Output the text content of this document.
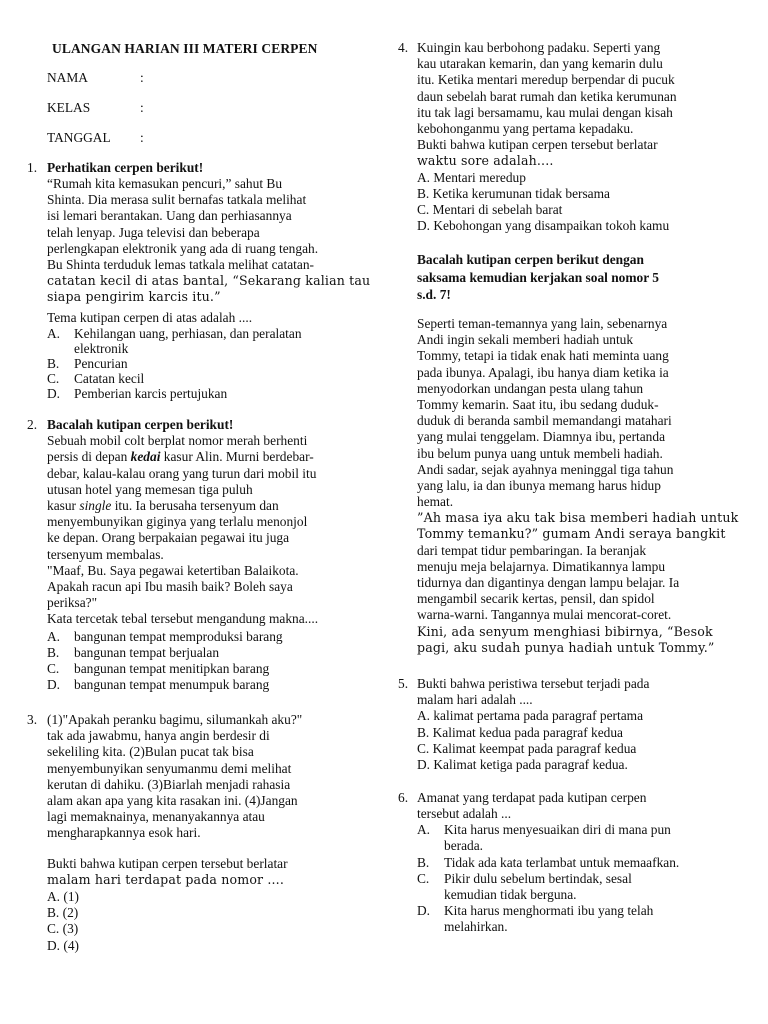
ULANGAN HARIAN III MATERI CERPEN
NAMA	:
KELAS	:
TANGGAL :
1. Perhatikan cerpen berikut!
“Rumah kita kemasukan pencuri,” sahut Bu
Shinta. Dia merasa sulit bernafas tatkala melihat
isi lemari berantakan. Uang dan perhiasannya
telah lenyap. Juga televisi dan beberapa
perlengkapan elektronik yang ada di ruang tengah.
Bu Shinta terduduk lemas tatkala melihat catatan-
catatan kecil di atas bantal, “Sekarang kalian tau
siapa pengirim karcis itu.”
Tema kutipan cerpen di atas adalah ....
A. Kehilangan uang, perhiasan, dan peralatan
elektronik
B. Pencurian
C. Catatan kecil
D. Pemberian karcis pertujukan
2. Bacalah kutipan cerpen berikut!
Sebuah mobil colt berplat nomor merah berhenti
persis di depan kedai kasur Alin. Murni berdebar-
debar, kalau-kalau orang yang turun dari mobil itu
utusan hotel yang memesan tiga puluh
kasur single itu. Ia berusaha tersenyum dan
menyembunyikan giginya yang terlalu menonjol
ke depan. Orang berpakaian pegawai itu juga
tersenyum membalas.
"Maaf, Bu. Saya pegawai ketertiban Balaikota.
Apakah racun api Ibu masih baik? Boleh saya
periksa?"
Kata tercetak tebal tersebut mengandung makna....
A. bangunan tempat memproduksi barang
B. bangunan tempat berjualan
C. bangunan tempat menitipkan barang
D. bangunan tempat menumpuk barang
3. (1)"Apakah peranku bagimu, silumankah aku?"
tak ada jawabmu, hanya angin berdesir di
sekeliling kita. (2)Bulan pucat tak bisa
menyembunyikan senyumanmu demi melihat
kerutan di dahiku. (3)Biarlah menjadi rahasia
alam akan apa yang kita rasakan ini. (4)Jangan
lagi memaknainya, menanyakannya atau
mengharapkannya esok hari.
Bukti bahwa kutipan cerpen tersebut berlatar
malam hari terdapat pada nomor ....
A. (1)
B. (2)
C. (3)
D. (4)
4. Kuingin kau berbohong padaku. Seperti yang
kau utarakan kemarin, dan yang kemarin dulu
itu. Ketika mentari meredup berpendar di pucuk
daun sebelah barat rumah dan ketika kerumunan
itu tak lagi bersamamu, kau mulai dengan kisah
kebohonganmu yang pertama kepadaku.
Bukti bahwa kutipan cerpen tersebut berlatar
waktu sore adalah....
A. Mentari meredup
B. Ketika kerumunan tidak bersama
C. Mentari di sebelah barat
D. Kebohongan yang disampaikan tokoh kamu
Bacalah kutipan cerpen berikut dengan
saksama kemudian kerjakan soal nomor 5
s.d. 7!
Seperti teman-temannya yang lain, sebenarnya
Andi ingin sekali memberi hadiah untuk
Tommy, tetapi ia tidak enak hati meminta uang
pada ibunya. Apalagi, ibu hanya diam ketika ia
menyodorkan undangan pesta ulang tahun
Tommy kemarin. Saat itu, ibu sedang duduk-
duduk di beranda sambil memandangi matahari
yang mulai tenggelam. Diamnya ibu, pertanda
ibu belum punya uang untuk membeli hadiah.
Andi sadar, sejak ayahnya meninggal tiga tahun
yang lalu, ia dan ibunya memang harus hidup
hemat.
”Ah masa iya aku tak bisa memberi hadiah untuk
Tommy temanku?” gumam Andi seraya bangkit
dari tempat tidur pembaringan. Ia beranjak
menuju meja belajarnya. Dimatikannya lampu
tidurnya dan digantinya dengan lampu belajar. Ia
mengambil secarik kertas, pensil, dan spidol
warna-warni. Tangannya mulai mencorat-coret.
Kini, ada senyum menghiasi bibirnya, “Besok
pagi, aku sudah punya hadiah untuk Tommy.”
5. Bukti bahwa peristiwa tersebut terjadi pada
malam hari adalah ....
A. kalimat pertama pada paragraf pertama
B. Kalimat kedua pada paragraf kedua
C. Kalimat keempat pada paragraf kedua
D. Kalimat ketiga pada paragraf kedua.
6. Amanat yang terdapat pada kutipan cerpen
tersebut adalah ...
A. Kita harus menyesuaikan diri di mana pun
berada.
B. Tidak ada kata terlambat untuk memaafkan.
C. Pikir dulu sebelum bertindak, sesal
kemudian tidak berguna.
D. Kita harus menghormati ibu yang telah
melahirkan.
